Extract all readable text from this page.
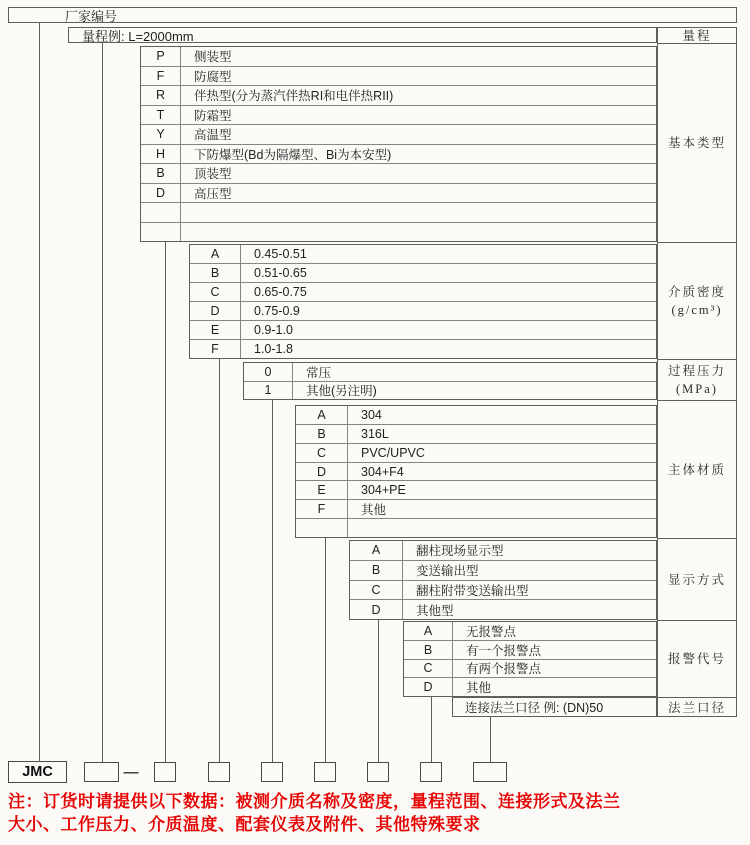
厂家编号
量程例: L=2000mm	量程
基本类型
介质密度
(g/cm³)
过程压力
(MPa)
主体材质
显示方式
报警代号
法兰口径
连接法兰口径 例: (DN)50
JMC	—
注：订货时请提供以下数据：被测介质名称及密度，量程范围、连接形式及法兰
大小、工作压力、介质温度、配套仪表及附件、其他特殊要求
P	侧装型
F	防腐型
R	伴热型(分为蒸汽伴热RI和电伴热RII)
T	防霜型
Y	高温型
H	下防爆型(Bd为隔爆型、Bi为本安型)
B	顶装型
D	高压型
A	0.45-0.51
B	0.51-0.65
C	0.65-0.75
D	0.75-0.9
E	0.9-1.0
F	1.0-1.8
0	常压
1	其他(另注明)
A	304
B	316L
C	PVC/UPVC
D	304+F4
E	304+PE
F	其他
A	翻柱现场显示型
B	变送输出型
C	翻柱附带变送输出型
D	其他型
A	无报警点
B	有一个报警点
C	有两个报警点
D	其他
